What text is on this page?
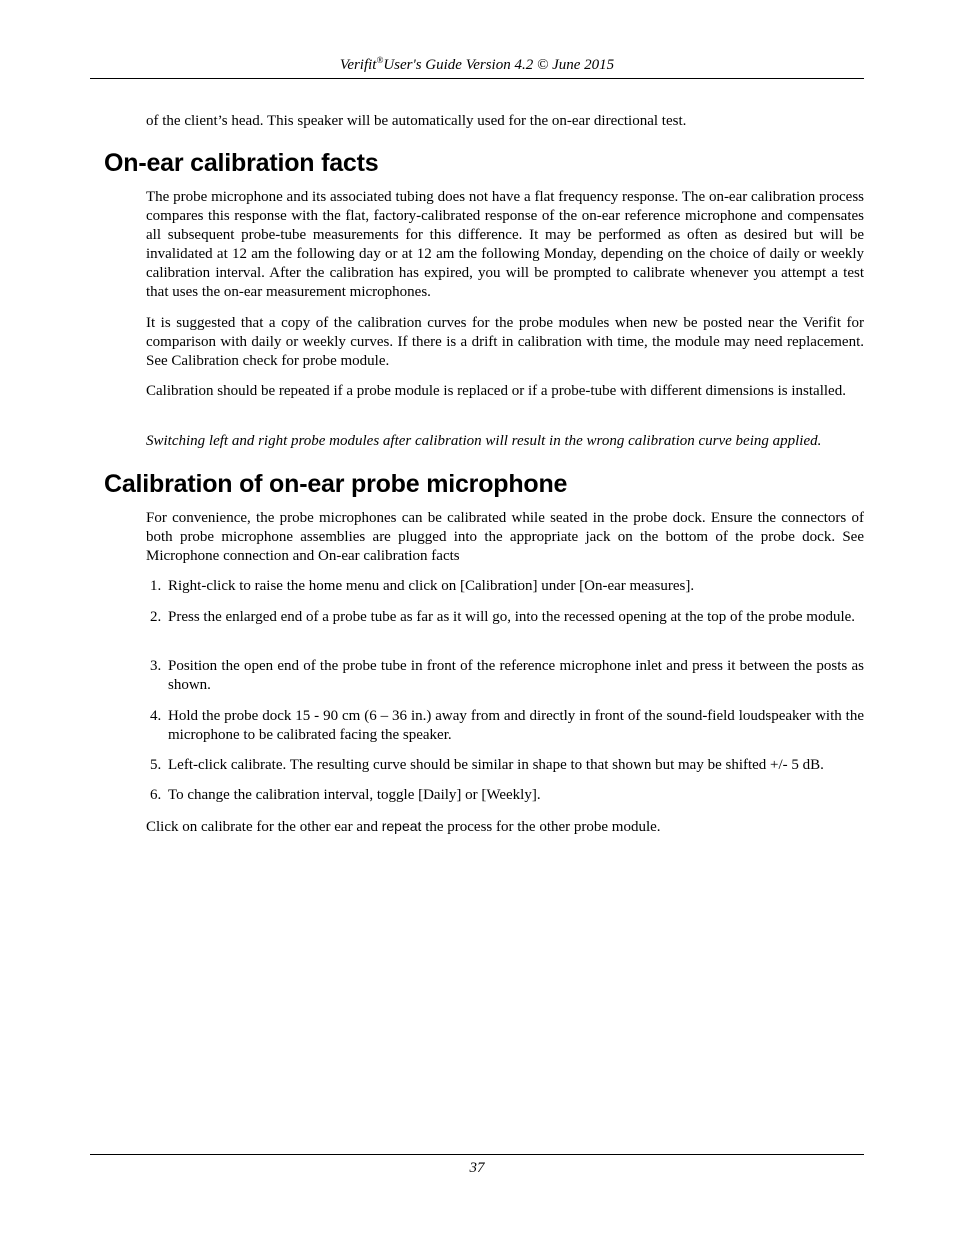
Verifit®User's Guide Version 4.2 © June 2015

of the client’s head. This speaker will be automatically used for the on-ear directional test.

On-ear calibration facts

The probe microphone and its associated tubing does not have a flat frequency response. The on-ear calibration process compares this response with the flat, factory-calibrated response of the on-ear reference microphone and compensates all subsequent probe-tube measurements for this difference. It may be performed as often as desired but will be invalidated at 12 am the following day or at 12 am the following Monday, depending on the choice of daily or weekly calibration interval. After the calibration has expired, you will be prompted to calibrate whenever you attempt a test that uses the on-ear measurement microphones.

It is suggested that a copy of the calibration curves for the probe modules when new be posted near the Verifit for comparison with daily or weekly curves. If there is a drift in calibration with time, the module may need replacement. See Calibration check for probe module.

Calibration should be repeated if a probe module is replaced or if a probe-tube with different dimensions is installed.

Switching left and right probe modules after calibration will result in the wrong calibration curve being applied.

Calibration of on-ear probe microphone

For convenience, the probe microphones can be calibrated while seated in the probe dock. Ensure the connectors of both probe microphone assemblies are plugged into the appropriate jack on the bottom of the probe dock. See Microphone connection and On-ear calibration facts

1. Right-click to raise the home menu and click on [Calibration] under [On-ear measures].
2. Press the enlarged end of a probe tube as far as it will go, into the recessed opening at the top of the probe module.
3. Position the open end of the probe tube in front of the reference microphone inlet and press it between the posts as shown.
4. Hold the probe dock 15 - 90 cm (6 – 36 in.) away from and directly in front of the sound-field loudspeaker with the microphone to be calibrated facing the speaker.
5. Left-click calibrate. The resulting curve should be similar in shape to that shown but may be shifted +/- 5 dB.
6. To change the calibration interval, toggle [Daily] or [Weekly].

Click on calibrate for the other ear and repeat the process for the other probe module.

37
